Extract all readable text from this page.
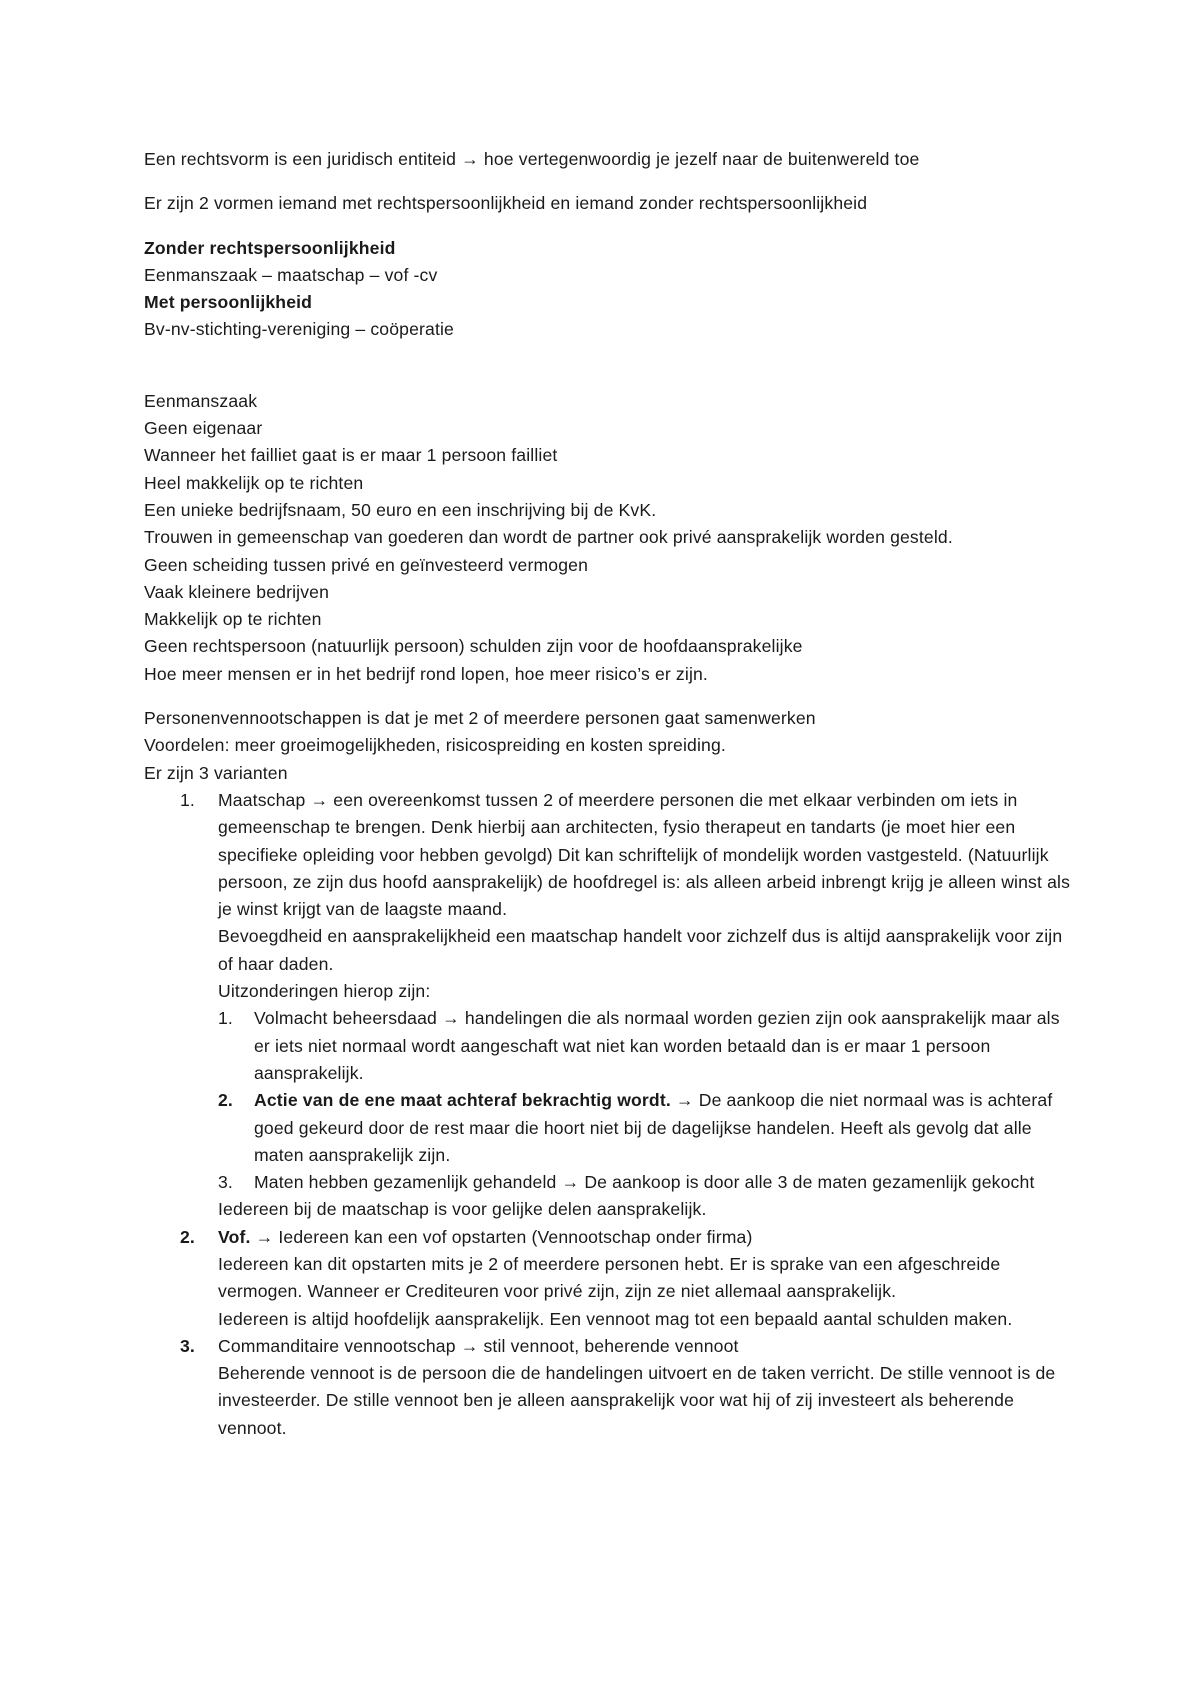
Een rechtsvorm is een juridisch entiteid → hoe vertegenwoordig je jezelf naar de buitenwereld toe

Er zijn 2 vormen iemand met rechtspersoonlijkheid en iemand zonder rechtspersoonlijkheid

Zonder rechtspersoonlijkheid

Eenmanszaak – maatschap – vof -cv

Met persoonlijkheid

Bv-nv-stichting-vereniging – coöperatie

Eenmanszaak

Geen eigenaar

Wanneer het failliet gaat is er maar 1 persoon failliet

Heel makkelijk op te richten

Een unieke bedrijfsnaam, 50 euro en een inschrijving bij de KvK.

Trouwen in gemeenschap van goederen dan wordt de partner ook privé aansprakelijk worden gesteld.

Geen scheiding tussen privé en geïnvesteerd vermogen

Vaak kleinere bedrijven

Makkelijk op te richten

Geen rechtspersoon (natuurlijk persoon) schulden zijn voor de hoofdaansprakelijke

Hoe meer mensen er in het bedrijf rond lopen, hoe meer risico’s er zijn.

Personenvennootschappen is dat je met 2 of meerdere personen gaat samenwerken

Voordelen: meer groeimogelijkheden, risicospreiding en kosten spreiding.

Er zijn 3 varianten

1. Maatschap → een overeenkomst tussen 2 of meerdere personen die met elkaar verbinden om iets in gemeenschap te brengen. Denk hierbij aan architecten, fysio therapeut en tandarts (je moet hier een specifieke opleiding voor hebben gevolgd) Dit kan schriftelijk of mondelijk worden vastgesteld. (Natuurlijk persoon, ze zijn dus hoofd aansprakelijk) de hoofdregel is: als alleen arbeid inbrengt krijg je alleen winst als je winst krijgt van de laagste maand.

Bevoegdheid en aansprakelijkheid een maatschap handelt voor zichzelf dus is altijd aansprakelijk voor zijn of haar daden.

Uitzonderingen hierop zijn:

1. Volmacht beheersdaad → handelingen die als normaal worden gezien zijn ook aansprakelijk maar als er iets niet normaal wordt aangeschaft wat niet kan worden betaald dan is er maar 1 persoon aansprakelijk.
2. Actie van de ene maat achteraf bekrachtig wordt. → De aankoop die niet normaal was is achteraf goed gekeurd door de rest maar die hoort niet bij de dagelijkse handelen. Heeft als gevolg dat alle maten aansprakelijk zijn.
3. Maten hebben gezamenlijk gehandeld → De aankoop is door alle 3 de maten gezamenlijk gekocht

Iedereen bij de maatschap is voor gelijke delen aansprakelijk.

2. Vof. → Iedereen kan een vof opstarten (Vennootschap onder firma)

Iedereen kan dit opstarten mits je 2 of meerdere personen hebt. Er is sprake van een afgeschreide vermogen. Wanneer er Crediteuren voor privé zijn, zijn ze niet allemaal aansprakelijk.

Iedereen is altijd hoofdelijk aansprakelijk. Een vennoot mag tot een bepaald aantal schulden maken.

3. Commanditaire vennootschap → stil vennoot, beherende vennoot

Beherende vennoot is de persoon die de handelingen uitvoert en de taken verricht. De stille vennoot is de investeerder. De stille vennoot ben je alleen aansprakelijk voor wat hij of zij investeert als beherende vennoot.
